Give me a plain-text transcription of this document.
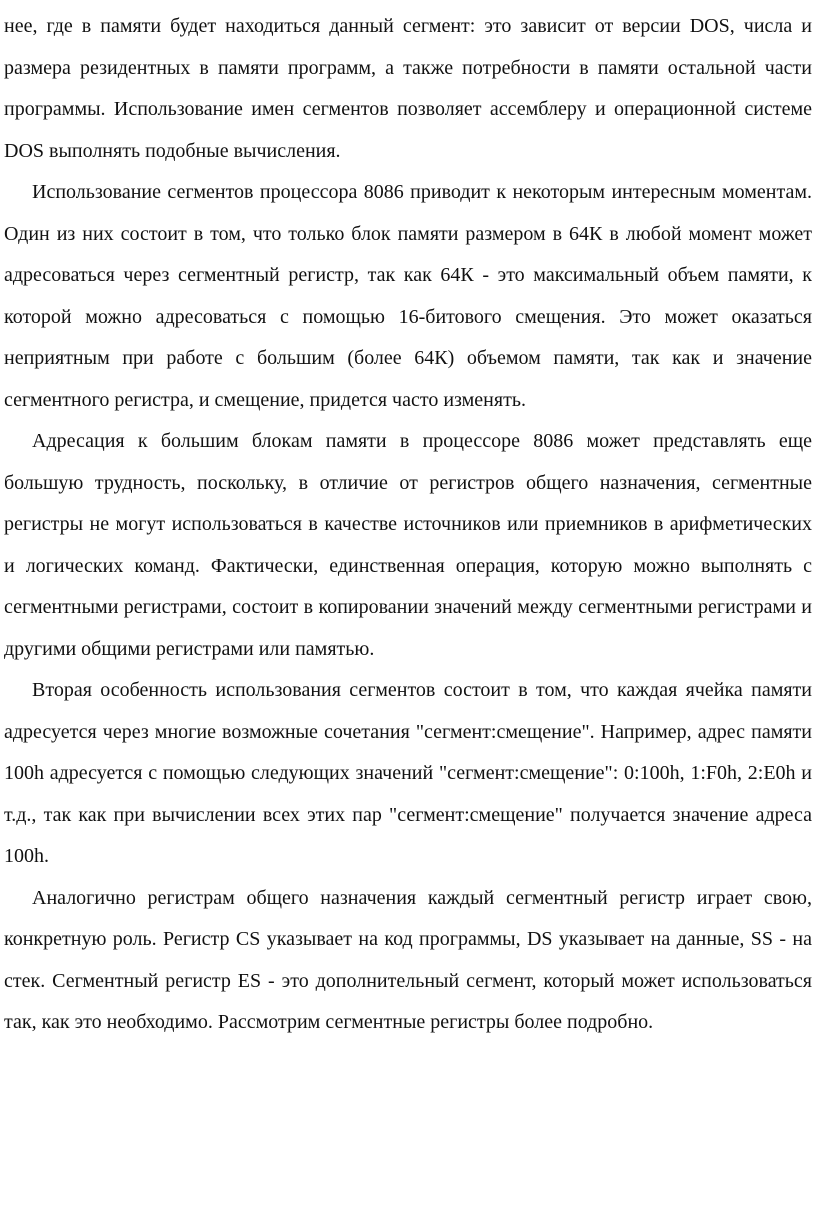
нее, где в памяти будет находиться данный сегмент: это зависит от версии DOS, числа и размера резидентных в памяти программ, а также потребности в памяти остальной части программы. Использование имен сегментов позволяет ассемблеру и операционной системе DOS выполнять подобные вычисления.

Использование сегментов процессора 8086 приводит к некоторым интересным моментам. Один из них состоит в том, что только блок памяти размером в 64К в любой момент может адресоваться через сегментный регистр, так как 64К - это максимальный объем памяти, к которой можно адресоваться с помощью 16-битового смещения. Это может оказаться неприятным при работе с большим (более 64К) объемом памяти, так как и значение сегментного регистра, и смещение, придется часто изменять.

Адресация к большим блокам памяти в процессоре 8086 может представлять еще большую трудность, поскольку, в отличие от регистров общего назначения, сегментные регистры не могут использоваться в качестве источников или приемников в арифметических и логических команд. Фактически, единственная операция, которую можно выполнять с сегментными регистрами, состоит в копировании значений между сегментными регистрами и другими общими регистрами или памятью.

Вторая особенность использования сегментов состоит в том, что каждая ячейка памяти адресуется через многие возможные сочетания "сегмент:смещение". Например, адрес памяти 100h адресуется с помощью следующих значений "сегмент:смещение": 0:100h, 1:F0h, 2:E0h и т.д., так как при вычислении всех этих пар "сегмент:смещение" получается значение адреса 100h.

Аналогично регистрам общего назначения каждый сегментный регистр играет свою, конкретную роль. Регистр CS указывает на код программы, DS указывает на данные, SS - на стек. Сегментный регистр ES - это дополнительный сегмент, который может использоваться так, как это необходимо. Рассмотрим сегментные регистры более подробно.
